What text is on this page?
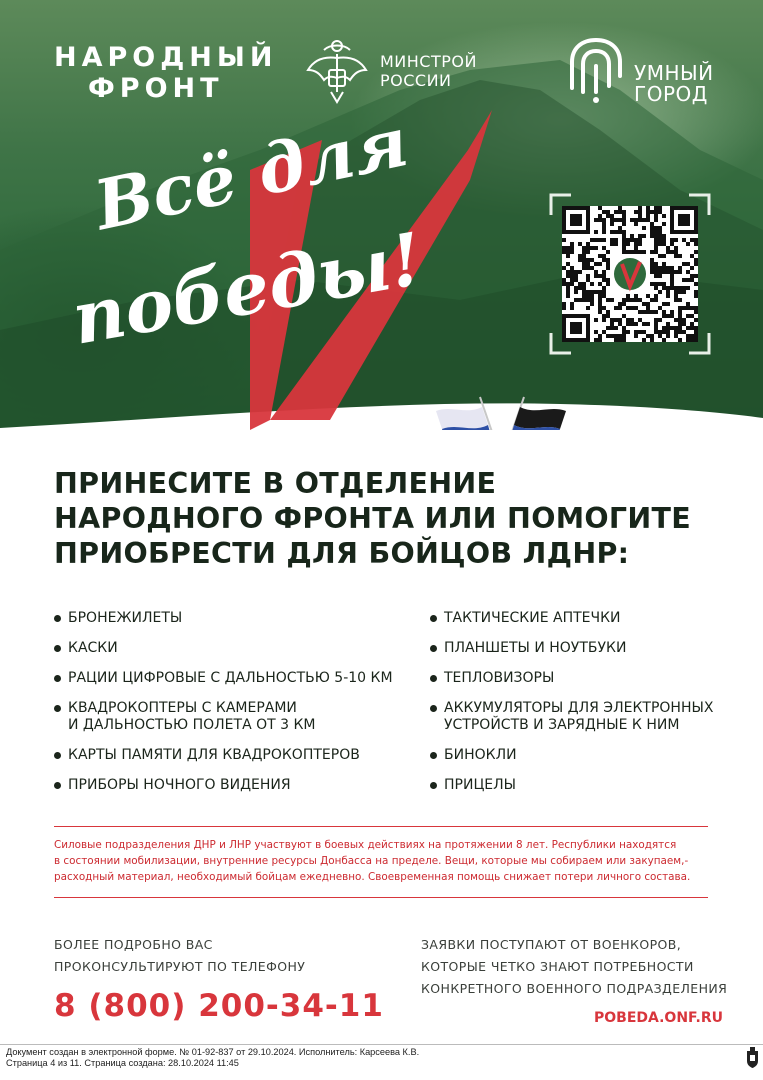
НАРОДНЫЙ
ФРОНТ
МИНСТРОЙ
РОССИИ	УМНЫЙ
ГОРОД
Всё для
победы!
ПРИНЕСИТЕ В ОТДЕЛЕНИЕ
НАРОДНОГО ФРОНТА ИЛИ ПОМОГИТЕ
ПРИОБРЕСТИ ДЛЯ БОЙЦОВ ЛДНР:
БРОНЕЖИЛЕТЫ
КАСКИ
РАЦИИ ЦИФРОВЫЕ С ДАЛЬНОСТЬЮ 5-10 КМ
КВАДРОКОПТЕРЫ С КАМЕРАМИ
И ДАЛЬНОСТЬЮ ПОЛЕТА ОТ 3 КМ
КАРТЫ ПАМЯТИ ДЛЯ КВАДРОКОПТЕРОВ
ПРИБОРЫ НОЧНОГО ВИДЕНИЯ
ТАКТИЧЕСКИЕ АПТЕЧКИ
ПЛАНШЕТЫ И НОУТБУКИ
ТЕПЛОВИЗОРЫ
АККУМУЛЯТОРЫ ДЛЯ ЭЛЕКТРОННЫХ
УСТРОЙСТВ И ЗАРЯДНЫЕ К НИМ
БИНОКЛИ
ПРИЦЕЛЫ
Силовые подразделения ДНР и ЛНР участвуют в боевых действиях на протяжении 8 лет. Республики находятся
в состоянии мобилизации, внутренние ресурсы Донбасса на пределе. Вещи, которые мы собираем или закупаем,-
расходный материал, необходимый бойцам ежедневно. Своевременная помощь снижает потери личного состава.
БОЛЕЕ ПОДРОБНО ВАС
ПРОКОНСУЛЬТИРУЮТ ПО ТЕЛЕФОНУ
8 (800) 200-34-11
ЗАЯВКИ ПОСТУПАЮТ ОТ ВОЕНКОРОВ,
КОТОРЫЕ ЧЕТКО ЗНАЮТ ПОТРЕБНОСТИ
КОНКРЕТНОГО ВОЕННОГО ПОДРАЗДЕЛЕНИЯ
POBEDA.ONF.RU
Документ создан в электронной форме. № 01-92-837 от 29.10.2024. Исполнитель: Карсеева К.В.
Страница 4 из 11. Страница создана: 28.10.2024 11:45
